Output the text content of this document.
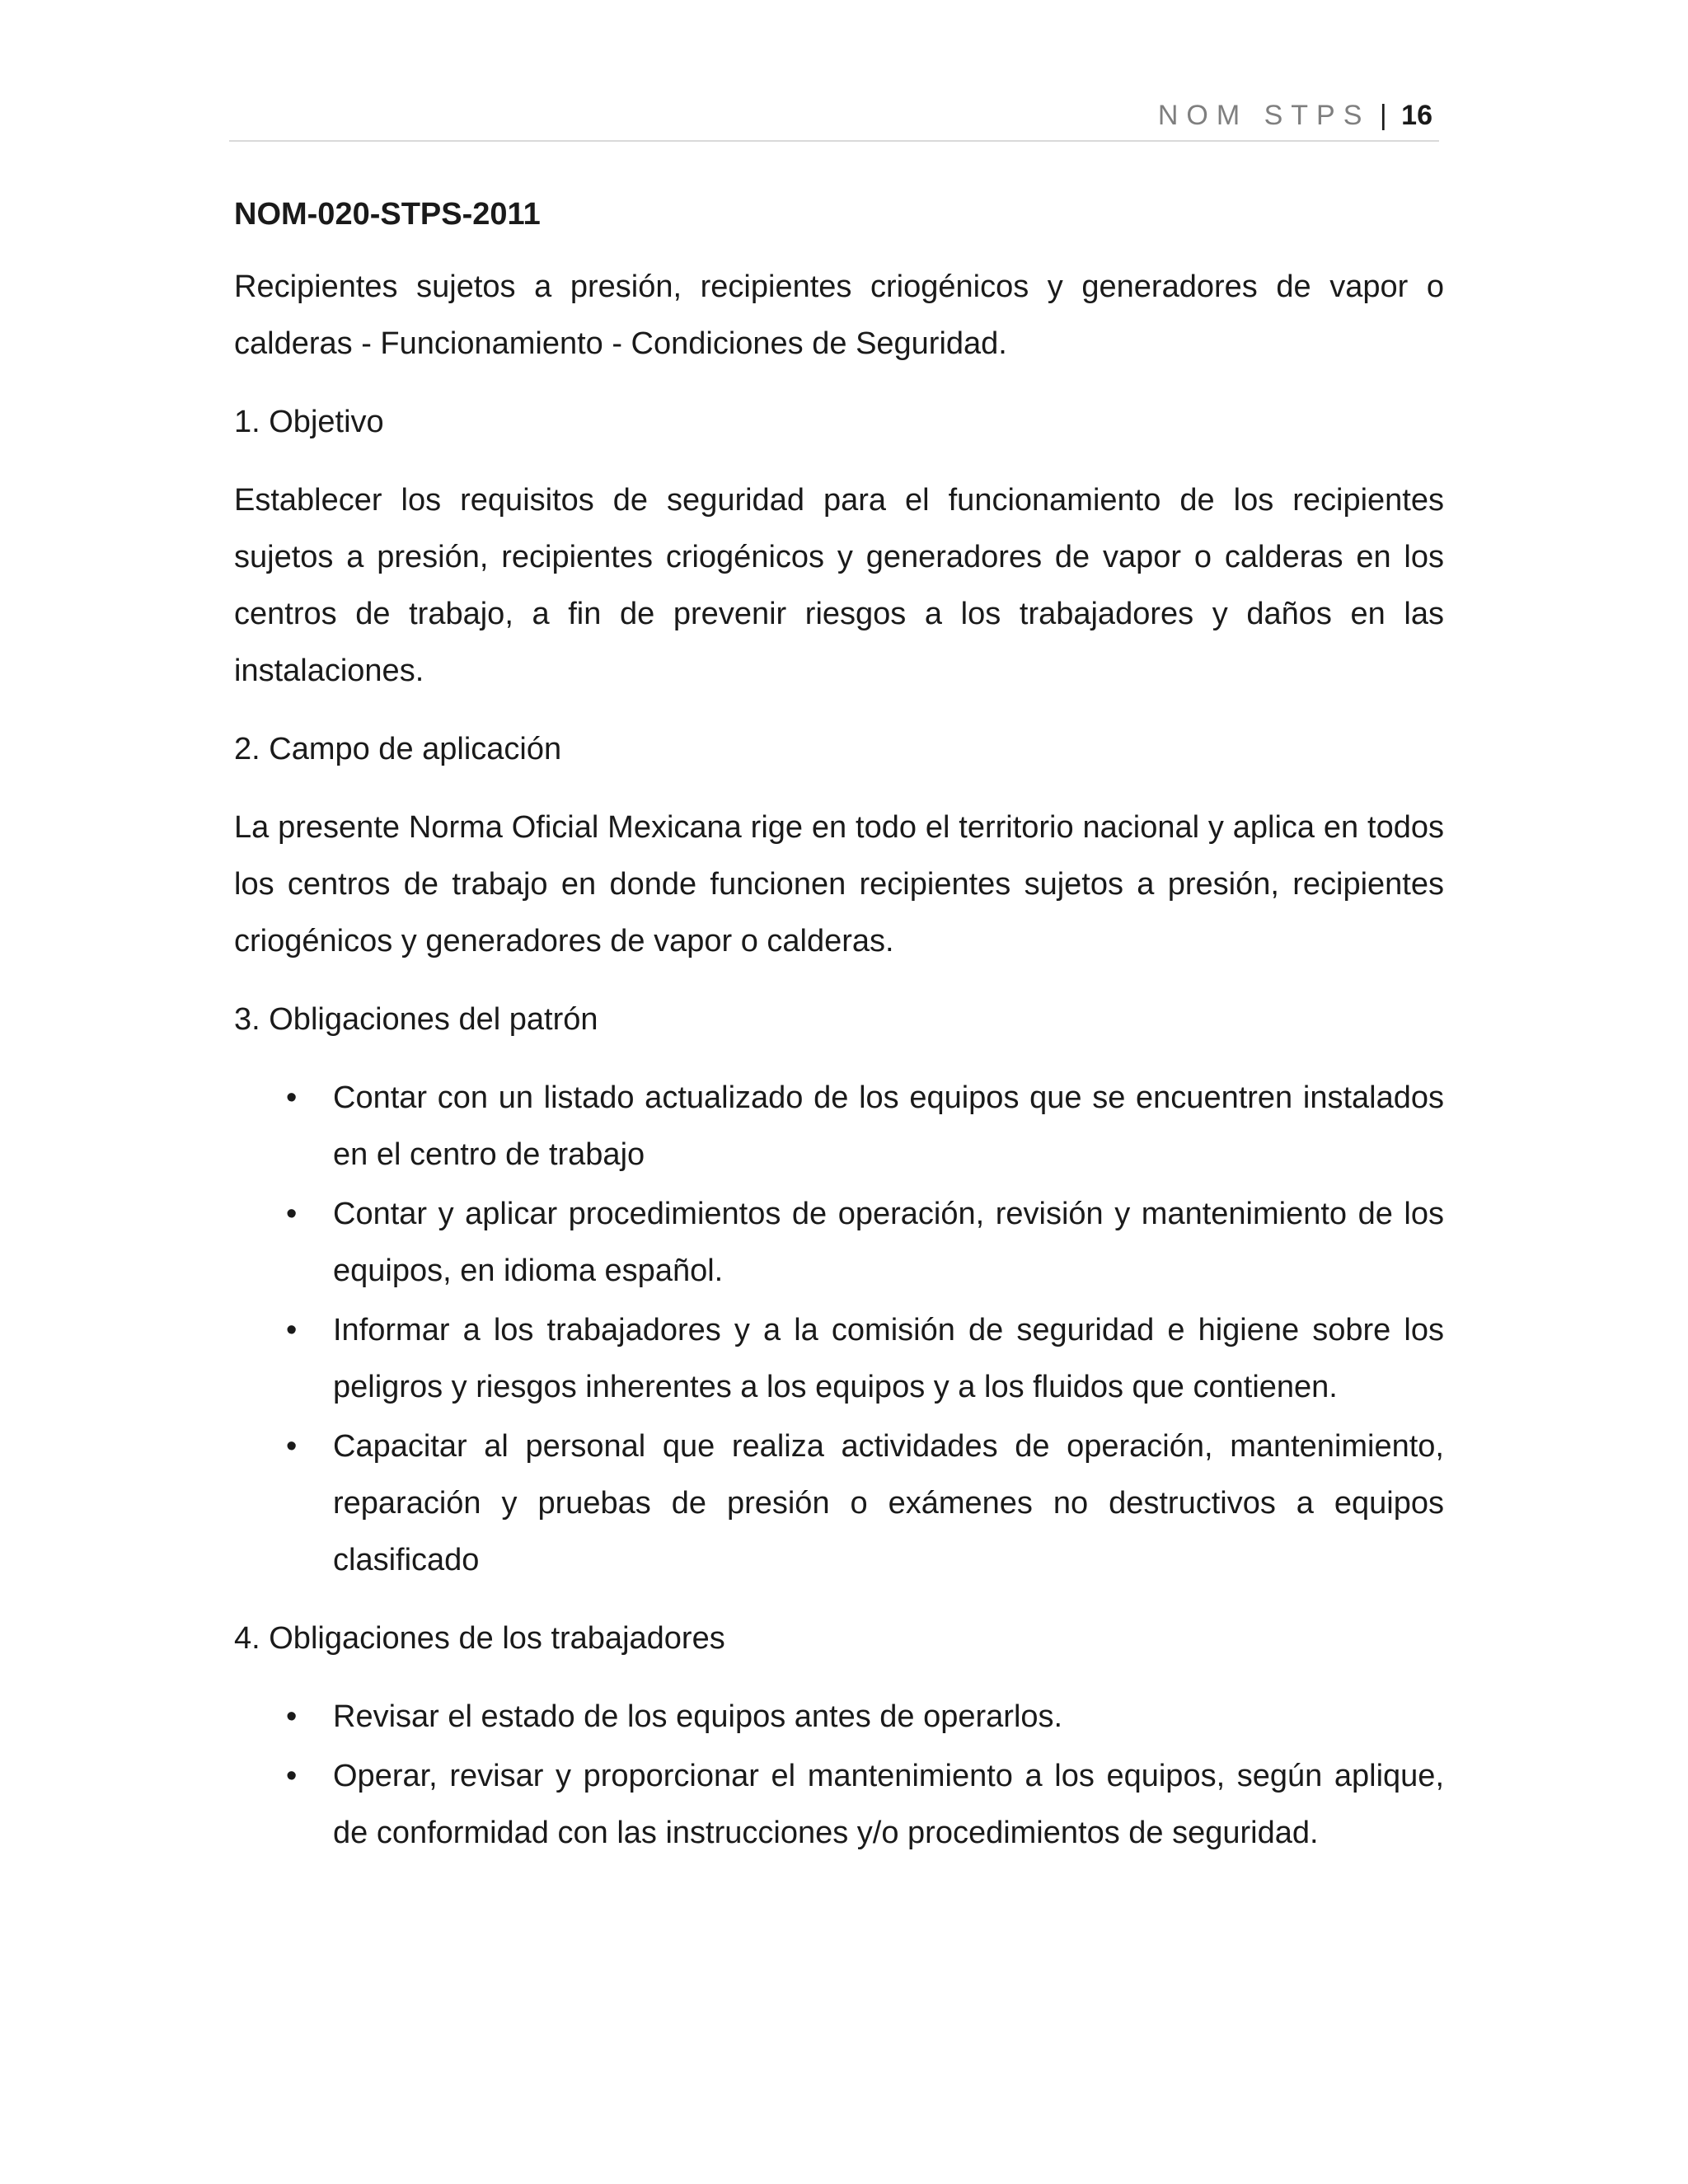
NOM STPS | 16
NOM-020-STPS-2011

Recipientes sujetos a presión, recipientes criogénicos y generadores de vapor o calderas - Funcionamiento - Condiciones de Seguridad.

1. Objetivo

Establecer los requisitos de seguridad para el funcionamiento de los recipientes sujetos a presión, recipientes criogénicos y generadores de vapor o calderas en los centros de trabajo, a fin de prevenir riesgos a los trabajadores y daños en las instalaciones.

2. Campo de aplicación

La presente Norma Oficial Mexicana rige en todo el territorio nacional y aplica en todos los centros de trabajo en donde funcionen recipientes sujetos a presión, recipientes criogénicos y generadores de vapor o calderas.

3. Obligaciones del patrón
• Contar con un listado actualizado de los equipos que se encuentren instalados en el centro de trabajo
• Contar y aplicar procedimientos de operación, revisión y mantenimiento de los equipos, en idioma español.
• Informar a los trabajadores y a la comisión de seguridad e higiene sobre los peligros y riesgos inherentes a los equipos y a los fluidos que contienen.
• Capacitar al personal que realiza actividades de operación, mantenimiento, reparación y pruebas de presión o exámenes no destructivos a equipos clasificado
4. Obligaciones de los trabajadores
• Revisar el estado de los equipos antes de operarlos.
• Operar, revisar y proporcionar el mantenimiento a los equipos, según aplique, de conformidad con las instrucciones y/o procedimientos de seguridad.
